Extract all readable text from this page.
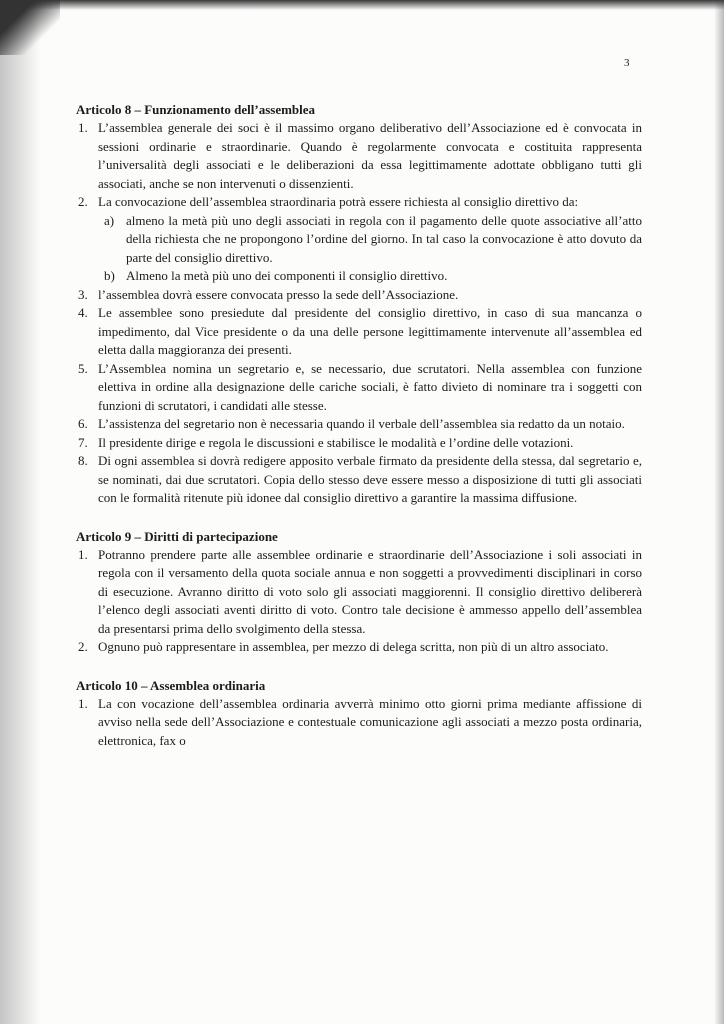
3
Articolo 8 – Funzionamento dell’assemblea
1. L’assemblea generale dei soci è il massimo organo deliberativo dell’Associazione ed è convocata in sessioni ordinarie e straordinarie. Quando è regolarmente convocata e costituita rappresenta l’universalità degli associati e le deliberazioni da essa legittimamente adottate obbligano tutti gli associati, anche se non intervenuti o dissenzienti.
2. La convocazione dell’assemblea straordinaria potrà essere richiesta al consiglio direttivo da:
a) almeno la metà più uno degli associati in regola con il pagamento delle quote associative all’atto della richiesta che ne propongono l’ordine del giorno. In tal caso la convocazione è atto dovuto da parte del consiglio direttivo.
b) Almeno la metà più uno dei componenti il consiglio direttivo.
3. l’assemblea dovrà essere convocata presso la sede dell’Associazione.
4. Le assemblee sono presiedute dal presidente del consiglio direttivo, in caso di sua mancanza o impedimento, dal Vice presidente o da una delle persone legittimamente intervenute all’assemblea ed eletta dalla maggioranza dei presenti.
5. L’Assemblea nomina un segretario e, se necessario, due scrutatori. Nella assemblea con funzione elettiva in ordine alla designazione delle cariche sociali, è fatto divieto di nominare tra i soggetti con funzioni di scrutatori, i candidati alle stesse.
6. L’assistenza del segretario non è necessaria quando il verbale dell’assemblea sia redatto da un notaio.
7. Il presidente dirige e regola le discussioni e stabilisce le modalità e l’ordine delle votazioni.
8. Di ogni assemblea si dovrà redigere apposito verbale firmato da presidente della stessa, dal segretario e, se nominati, dai due scrutatori. Copia dello stesso deve essere messo a disposizione di tutti gli associati con le formalità ritenute più idonee dal consiglio direttivo a garantire la massima diffusione.
Articolo 9 – Diritti di partecipazione
1. Potranno prendere parte alle assemblee ordinarie e straordinarie dell’Associazione i soli associati in regola con il versamento della quota sociale annua e non soggetti a provvedimenti disciplinari in corso di esecuzione. Avranno diritto di voto solo gli associati maggiorenni. Il consiglio direttivo delibererà l’elenco degli associati aventi diritto di voto. Contro tale decisione è ammesso appello dell’assemblea da presentarsi prima dello svolgimento della stessa.
2. Ognuno può rappresentare in assemblea, per mezzo di delega scritta, non più di un altro associato.
Articolo 10 – Assemblea ordinaria
1. La con vocazione dell’assemblea ordinaria avverrà minimo otto giorni prima mediante affissione di avviso nella sede dell’Associazione e contestuale comunicazione agli associati a mezzo posta ordinaria, elettronica, fax o
